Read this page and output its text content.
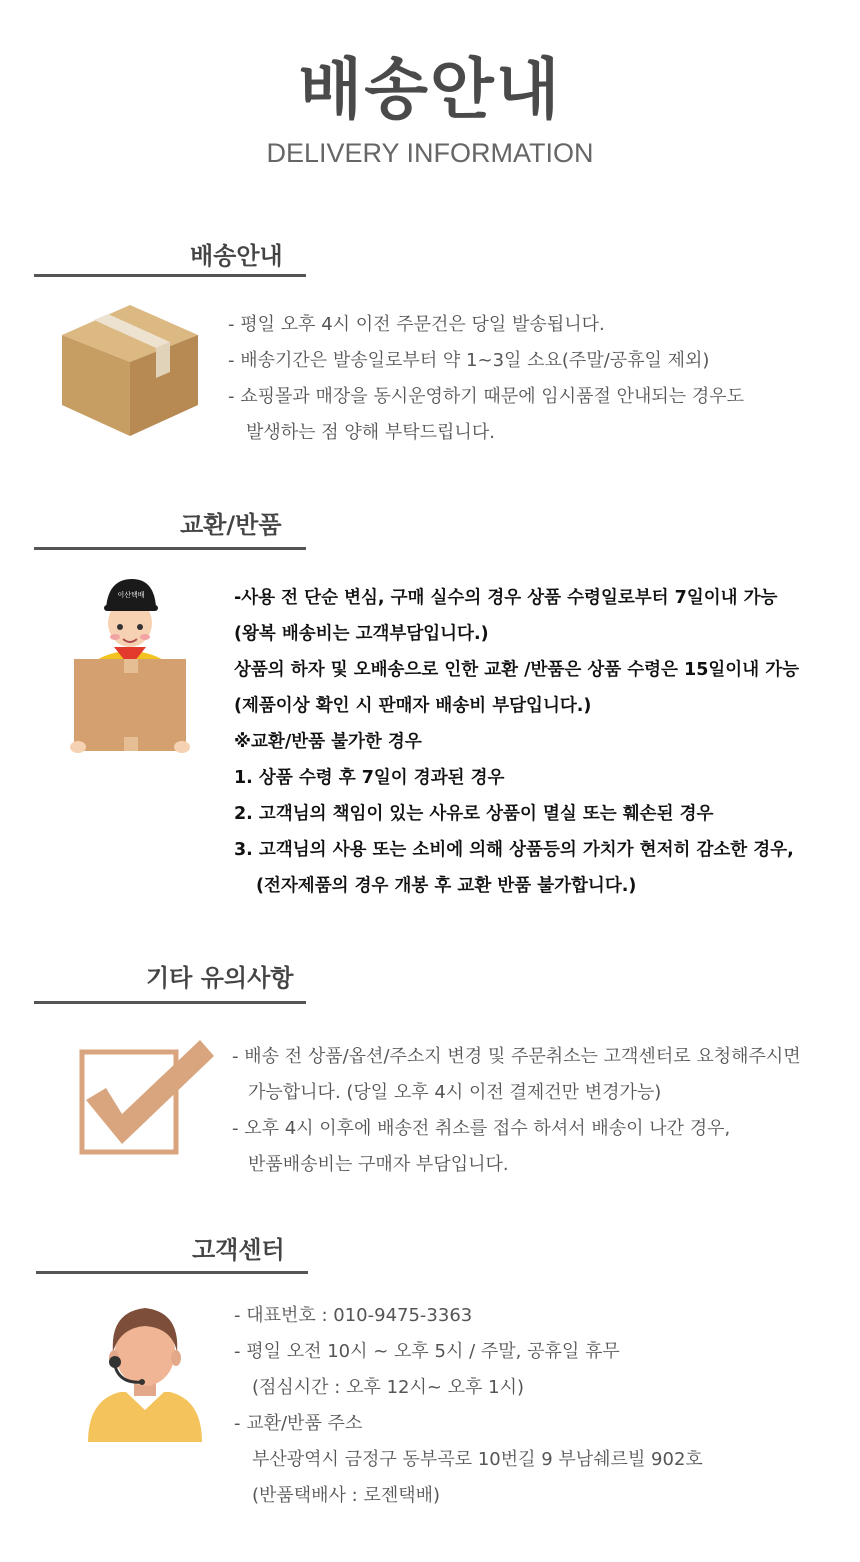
배송안내
DELIVERY INFORMATION
배송안내
- 평일 오후 4시 이전 주문건은 당일 발송됩니다.
- 배송기간은 발송일로부터 약 1~3일 소요(주말/공휴일 제외)
- 쇼핑몰과 매장을 동시운영하기 때문에 임시품절 안내되는 경우도
발생하는 점 양해 부탁드립니다.
교환/반품
이산택배	-사용 전 단순 변심, 구매 실수의 경우 상품 수령일로부터 7일이내 가능
(왕복 배송비는 고객부담입니다.)
상품의 하자 및 오배송으로 인한 교환 /반품은 상품 수령은 15일이내 가능
(제품이상 확인 시 판매자 배송비 부담입니다.)
※교환/반품 불가한 경우
1. 상품 수령 후 7일이 경과된 경우
2. 고객님의 책임이 있는 사유로 상품이 멸실 또는 훼손된 경우
3. 고객님의 사용 또는 소비에 의해 상품등의 가치가 현저히 감소한 경우,
(전자제품의 경우 개봉 후 교환 반품 불가합니다.)
기타 유의사항
- 배송 전 상품/옵션/주소지 변경 및 주문취소는 고객센터로 요청해주시면
가능합니다. (당일 오후 4시 이전 결제건만 변경가능)
- 오후 4시 이후에 배송전 취소를 접수 하셔서 배송이 나간 경우,
반품배송비는 구매자 부담입니다.
고객센터
- 대표번호 : 010-9475-3363
- 평일 오전 10시 ~ 오후 5시 / 주말, 공휴일 휴무
(점심시간 : 오후 12시~ 오후 1시)
- 교환/반품 주소
부산광역시 금정구 동부곡로 10번길 9 부남쉐르빌 902호
(반품택배사 : 로젠택배)
